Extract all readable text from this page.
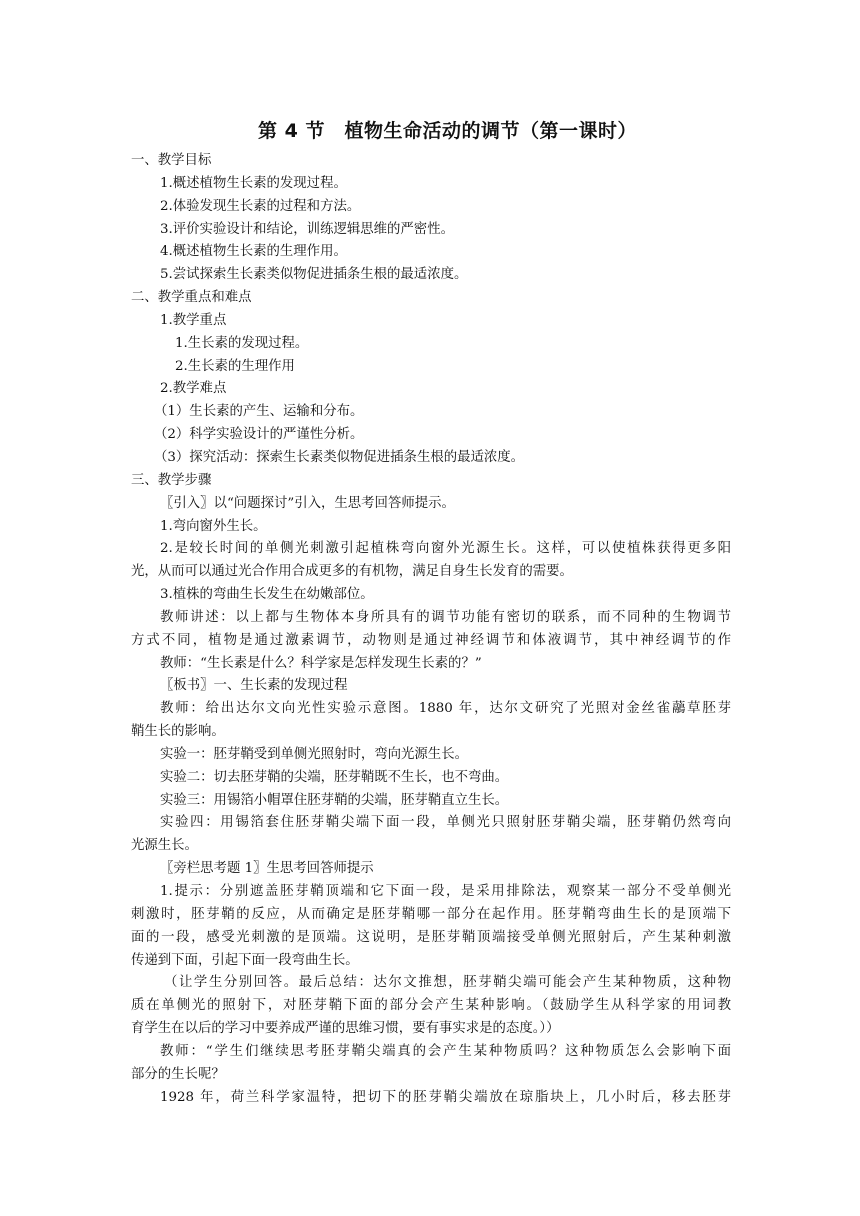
第 4 节　植物生命活动的调节（第一课时）
一、教学目标
1.概述植物生长素的发现过程。
2.体验发现生长素的过程和方法。
3.评价实验设计和结论，训练逻辑思维的严密性。
4.概述植物生长素的生理作用。
5.尝试探索生长素类似物促进插条生根的最适浓度。
二、教学重点和难点
1.教学重点
1.生长素的发现过程。
2.生长素的生理作用
2.教学难点
（1）生长素的产生、运输和分布。
（2）科学实验设计的严谨性分析。
（3）探究活动：探索生长素类似物促进插条生根的最适浓度。
三、教学步骤
〖引入〗以“问题探讨”引入，生思考回答师提示。
1.弯向窗外生长。
2.是较长时间的单侧光刺激引起植株弯向窗外光源生长。这样，可以使植株获得更多阳
光，从而可以通过光合作用合成更多的有机物，满足自身生长发育的需要。
3.植株的弯曲生长发生在幼嫩部位。
教师讲述：以上都与生物体本身所具有的调节功能有密切的联系，而不同种的生物调节
方式不同，植物是通过激素调节，动物则是通过神经调节和体液调节，其中神经调节的作
教师：“生长素是什么？科学家是怎样发现生长素的？”
〖板书〗一、生长素的发现过程
教师：给出达尔文向光性实验示意图。1880 年，达尔文研究了光照对金丝雀虉草胚芽
鞘生长的影响。
实验一：胚芽鞘受到单侧光照射时，弯向光源生长。
实验二：切去胚芽鞘的尖端，胚芽鞘既不生长，也不弯曲。
实验三：用锡箔小帽罩住胚芽鞘的尖端，胚芽鞘直立生长。
实验四：用锡箔套住胚芽鞘尖端下面一段，单侧光只照射胚芽鞘尖端，胚芽鞘仍然弯向
光源生长。
〖旁栏思考题 1〗生思考回答师提示
1.提示：分别遮盖胚芽鞘顶端和它下面一段，是采用排除法，观察某一部分不受单侧光
刺激时，胚芽鞘的反应，从而确定是胚芽鞘哪一部分在起作用。胚芽鞘弯曲生长的是顶端下
面的一段，感受光刺激的是顶端。这说明，是胚芽鞘顶端接受单侧光照射后，产生某种刺激
传递到下面，引起下面一段弯曲生长。
（让学生分别回答。最后总结：达尔文推想，胚芽鞘尖端可能会产生某种物质，这种物
质在单侧光的照射下，对胚芽鞘下面的部分会产生某种影响。（鼓励学生从科学家的用词教
育学生在以后的学习中要养成严谨的思维习惯，要有事实求是的态度。））
教师：“学生们继续思考胚芽鞘尖端真的会产生某种物质吗？这种物质怎么会影响下面
部分的生长呢？
1928 年，荷兰科学家温特，把切下的胚芽鞘尖端放在琼脂块上，几小时后，移去胚芽
